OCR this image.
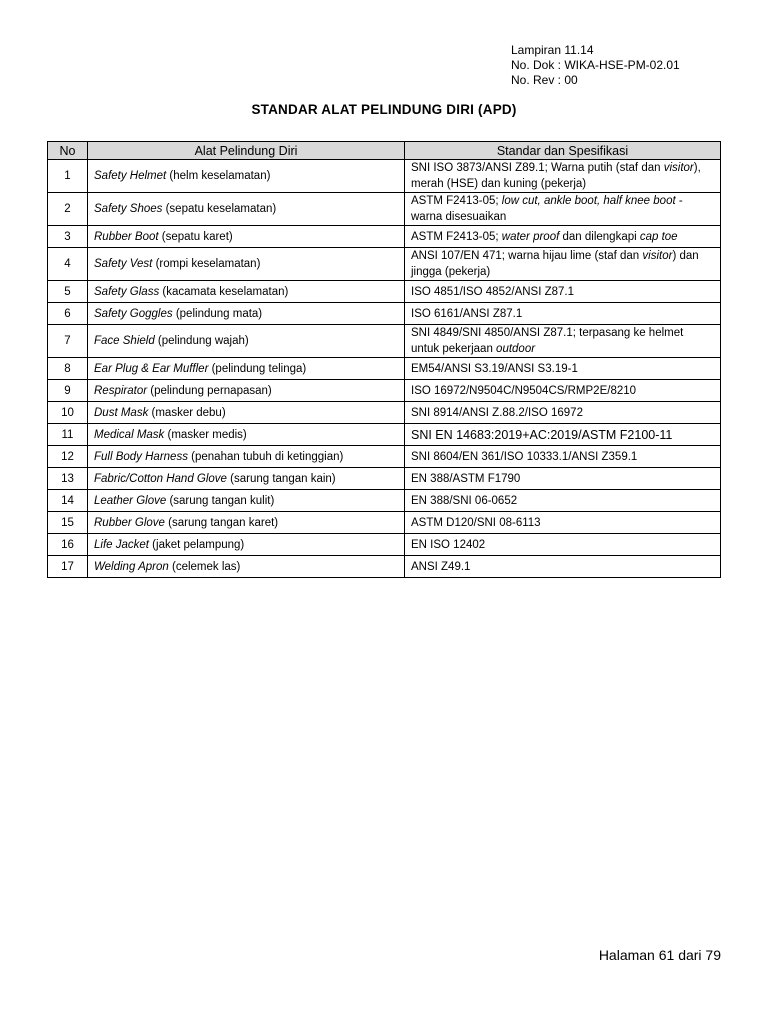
Lampiran 11.14
No. Dok : WIKA-HSE-PM-02.01
No. Rev : 00
STANDAR ALAT PELINDUNG DIRI (APD)
No	Alat Pelindung Diri	Standar dan Spesifikasi
1	Safety Helmet (helm keselamatan)	SNI ISO 3873/ANSI Z89.1; Warna putih (staf dan visitor), merah (HSE) dan kuning (pekerja)
2	Safety Shoes (sepatu keselamatan)	ASTM F2413-05; low cut, ankle boot, half knee boot - warna disesuaikan
3	Rubber Boot (sepatu karet)	ASTM F2413-05; water proof dan dilengkapi cap toe
4	Safety Vest (rompi keselamatan)	ANSI 107/EN 471; warna hijau lime (staf dan visitor) dan jingga (pekerja)
5	Safety Glass (kacamata keselamatan)	ISO 4851/ISO 4852/ANSI Z87.1
6	Safety Goggles (pelindung mata)	ISO 6161/ANSI Z87.1
7	Face Shield (pelindung wajah)	SNI 4849/SNI 4850/ANSI Z87.1; terpasang ke helmet untuk pekerjaan outdoor
8	Ear Plug & Ear Muffler (pelindung telinga)	EM54/ANSI S3.19/ANSI S3.19-1
9	Respirator (pelindung pernapasan)	ISO 16972/N9504C/N9504CS/RMP2E/8210
10	Dust Mask (masker debu)	SNI 8914/ANSI Z.88.2/ISO 16972
11	Medical Mask (masker medis)	SNI EN 14683:2019+AC:2019/ASTM F2100-11
12	Full Body Harness (penahan tubuh di ketinggian)	SNI 8604/EN 361/ISO 10333.1/ANSI Z359.1
13	Fabric/Cotton Hand Glove (sarung tangan kain)	EN 388/ASTM F1790
14	Leather Glove (sarung tangan kulit)	EN 388/SNI 06-0652
15	Rubber Glove (sarung tangan karet)	ASTM D120/SNI 08-6113
16	Life Jacket (jaket pelampung)	EN ISO 12402
17	Welding Apron (celemek las)	ANSI Z49.1
Halaman 61 dari 79
